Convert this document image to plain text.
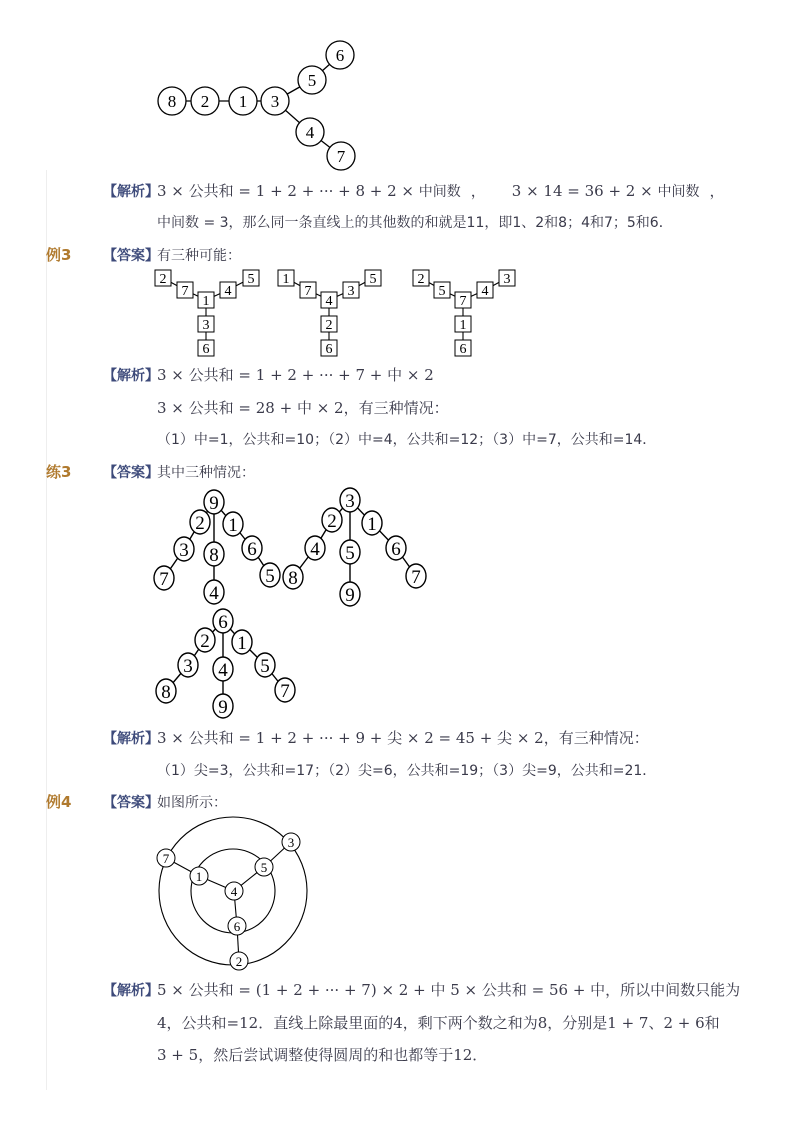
8 2 1 3
5
6
4
7
【解析】
3 × 公共和 = 1 + 2 + ··· + 8 + 2 × 中间数 ， 3 × 14 = 36 + 2 × 中间数 ，
中间数 = 3，那么同一条直线上的其他数的和就是11，即1、2和8；4和7；5和6．
例3 【答案】
有三种可能：
2
7
1
4
5
3
6
1
7
4
3
5
2
6
2
5
7
4
3
1
6
【解析】
3 × 公共和 = 1 + 2 + ··· + 7 + 中 × 2
3 × 公共和 = 28 + 中 × 2，有三种情况：
（1）中=1，公共和=10；（2）中=4，公共和=12；（3）中=7，公共和=14．
练3 【答案】
其中三种情况：
9
2
3
7
8
4
1
6
5
3
2
4
8
5
9
1
6
7
6
2
3
8
4
9
1
5
7
【解析】
3 × 公共和 = 1 + 2 + ··· + 9 + 尖 × 2 = 45 + 尖 × 2，有三种情况：
（1）尖=3，公共和=17；（2）尖=6，公共和=19；（3）尖=9，公共和=21．
例4 【答案】
如图所示：
7
3
2
1
5
6
4
【解析】
5 × 公共和 = (1 + 2 + ··· + 7) × 2 + 中 5 × 公共和 = 56 + 中，所以中间数只能为
4，公共和=12．直线上除最里面的4，剩下两个数之和为8，分别是1 + 7、2 + 6和
3 + 5，然后尝试调整使得圆周的和也都等于12．
